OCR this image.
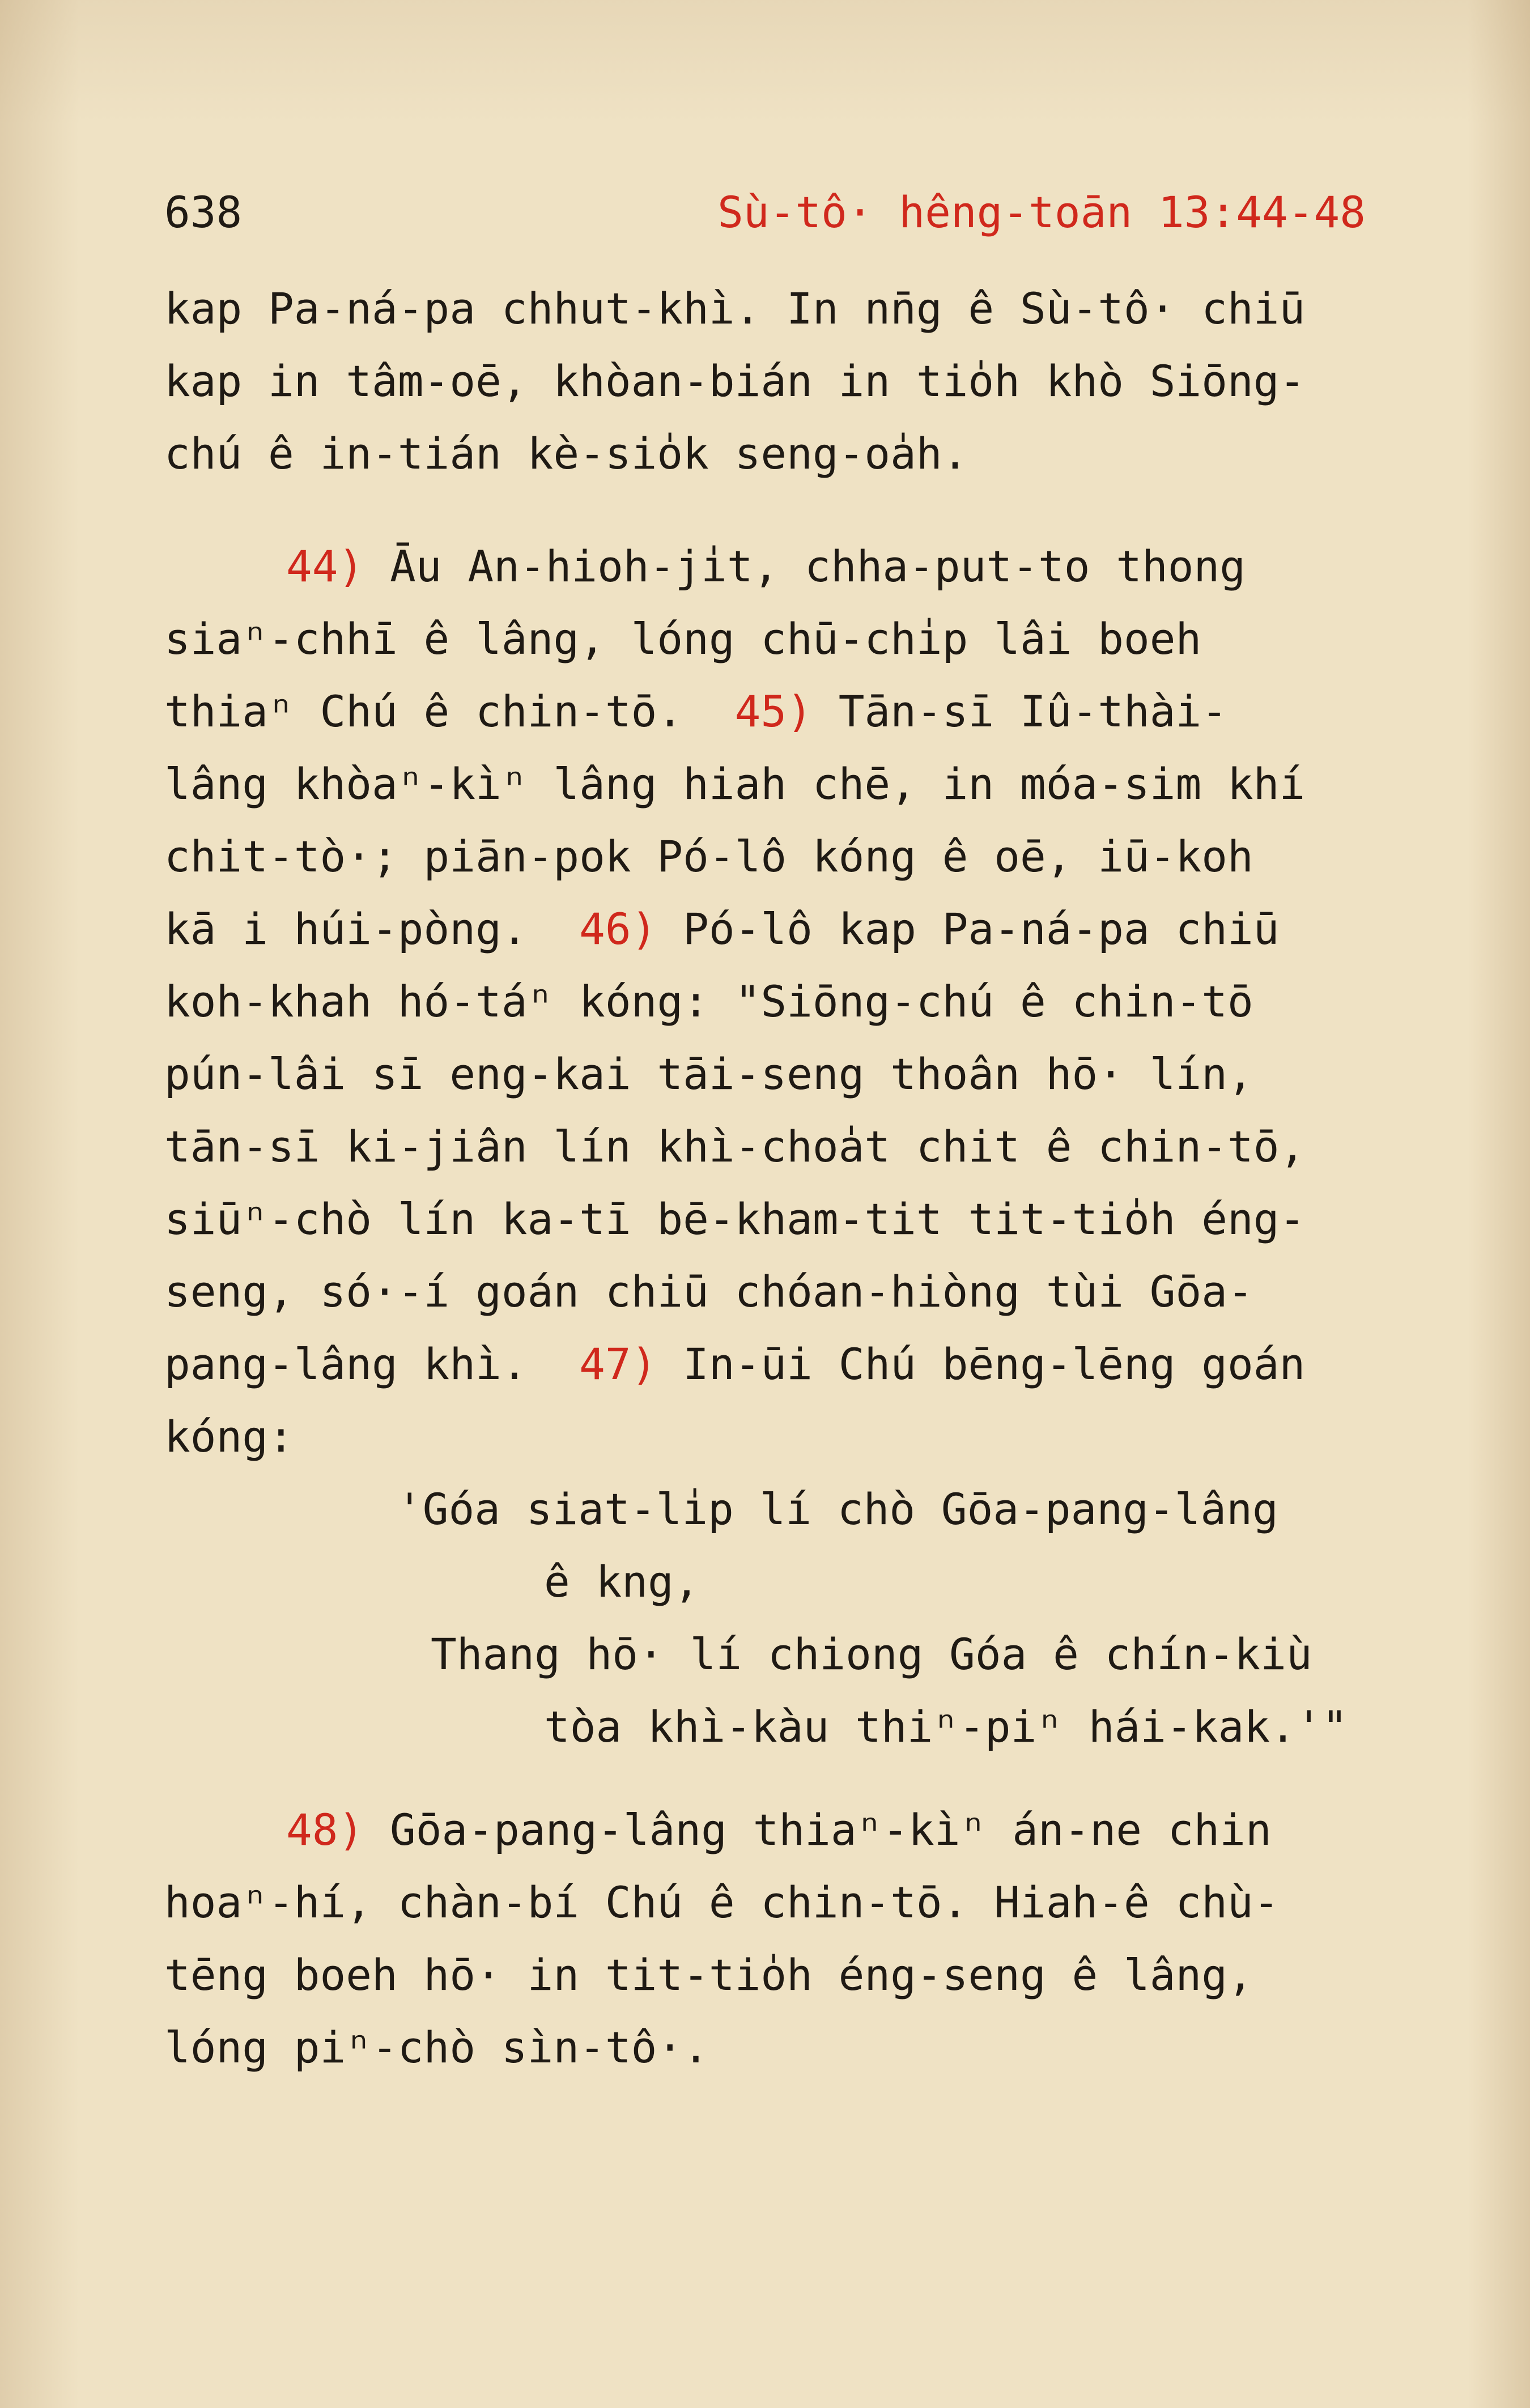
638	Sù-tô· hêng-toān 13:44-48
kap Pa-ná-pa chhut-khì. In nn̄g ê Sù-tô· chiū
kap in tâm-oē, khòan-bián in tio̍h khò Siōng-
chú ê in-tián kè-sio̍k seng-oa̍h.
44) Āu An-hioh-ji̍t, chha-put-to thong
siaⁿ-chhī ê lâng, lóng chū-chi̍p lâi boeh
thiaⁿ Chú ê chin-tō. 45) Tān-sī Iû-thài-
lâng khòaⁿ-kìⁿ lâng hiah chē, in móa-sim khí
chit-tò·; piān-pok Pó-lô kóng ê oē, iū-koh
kā i húi-pòng. 46) Pó-lô kap Pa-ná-pa chiū
koh-khah hó-táⁿ kóng: "Siōng-chú ê chin-tō
pún-lâi sī eng-kai tāi-seng thoân hō· lín,
tān-sī ki-jiân lín khì-choa̍t chit ê chin-tō,
siūⁿ-chò lín ka-tī bē-kham-tit tit-tio̍h éng-
seng, só·-í goán chiū chóan-hiòng tùi Gōa-
pang-lâng khì. 47) In-ūi Chú bēng-lēng goán
kóng:
'Góa siat-li̍p lí chò Gōa-pang-lâng
ê kng,
Thang hō· lí chiong Góa ê chín-kiù
tòa khì-kàu thiⁿ-piⁿ hái-kak.'"
48) Gōa-pang-lâng thiaⁿ-kìⁿ án-ne chin
hoaⁿ-hí, chàn-bí Chú ê chin-tō. Hiah-ê chù-
tēng boeh hō· in tit-tio̍h éng-seng ê lâng,
lóng piⁿ-chò sìn-tô·.
